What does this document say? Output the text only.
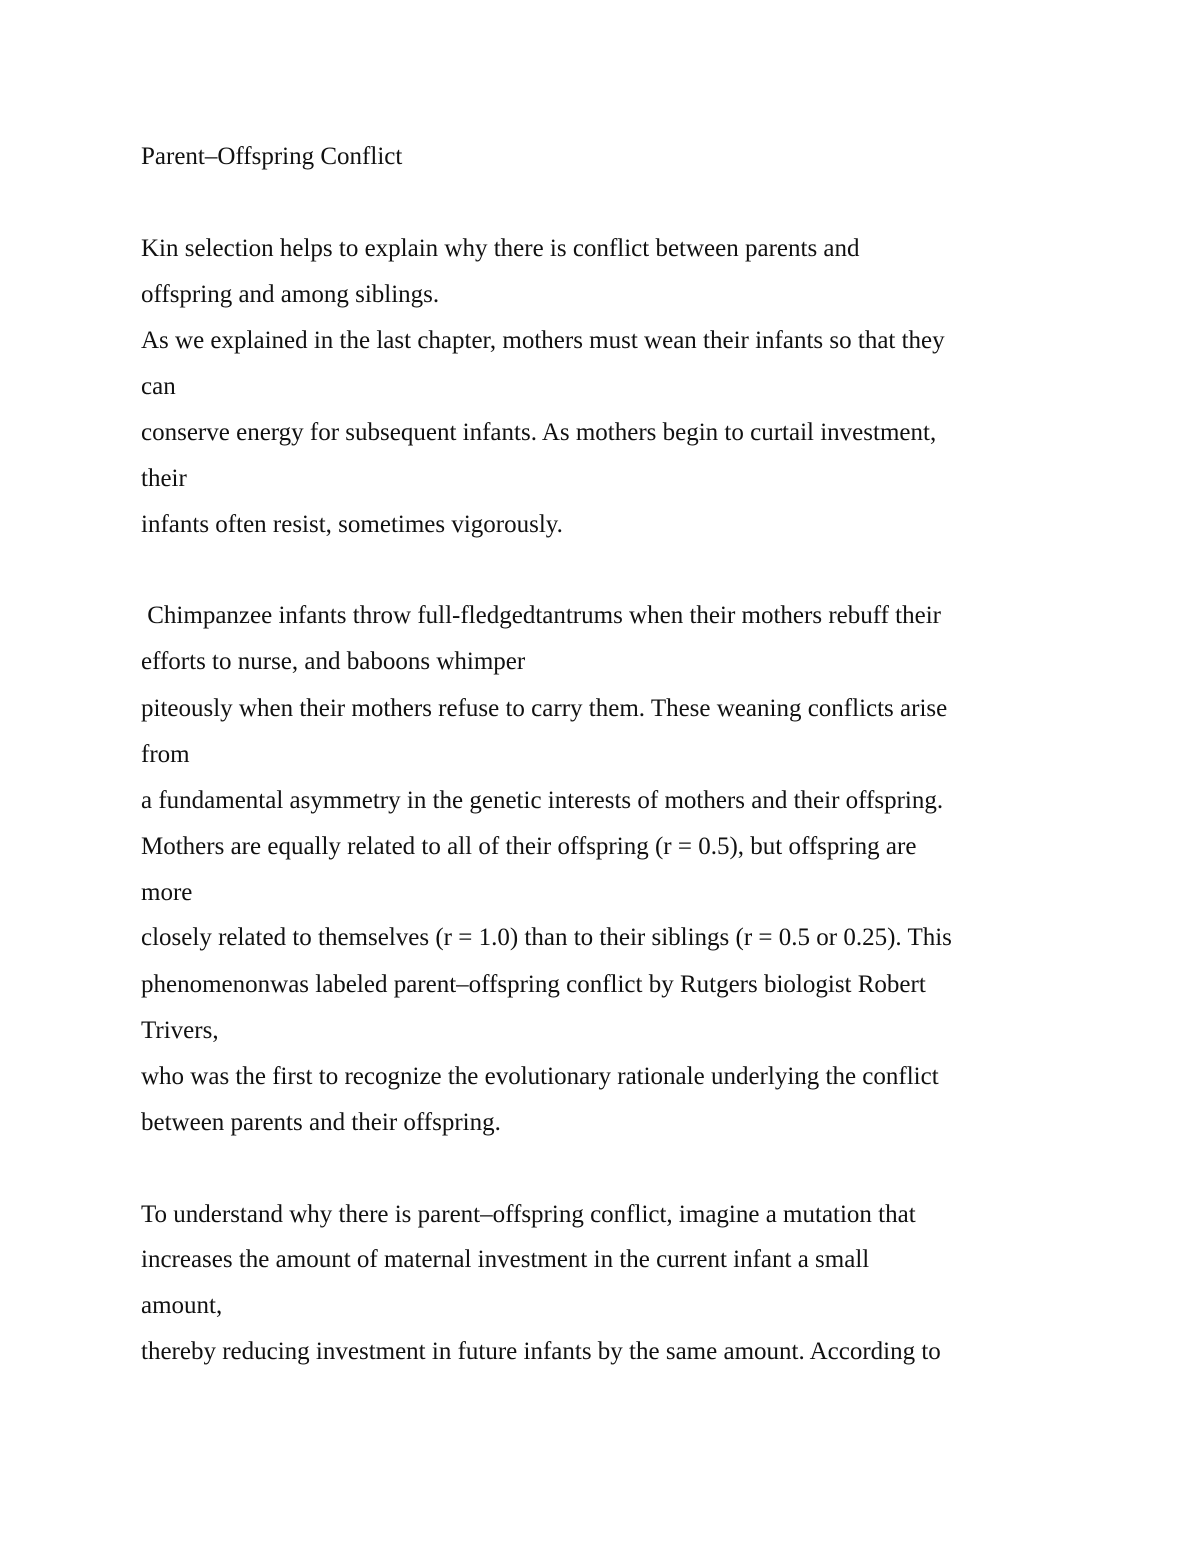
Parent–Offspring Conflict

Kin selection helps to explain why there is conflict between parents and

offspring and among siblings.

As we explained in the last chapter, mothers must wean their infants so that they

can

conserve energy for subsequent infants. As mothers begin to curtail investment,

their

infants often resist, sometimes vigorously.

Chimpanzee infants throw full-fledgedtantrums when their mothers rebuff their

efforts to nurse, and baboons whimper

piteously when their mothers refuse to carry them. These weaning conflicts arise

from

a fundamental asymmetry in the genetic interests of mothers and their offspring.

Mothers are equally related to all of their offspring (r = 0.5), but offspring are

more

closely related to themselves (r = 1.0) than to their siblings (r = 0.5 or 0.25). This

phenomenonwas labeled parent–offspring conflict by Rutgers biologist Robert

Trivers,

who was the first to recognize the evolutionary rationale underlying the conflict

between parents and their offspring.

To understand why there is parent–offspring conflict, imagine a mutation that

increases the amount of maternal investment in the current infant a small

amount,

thereby reducing investment in future infants by the same amount. According to
